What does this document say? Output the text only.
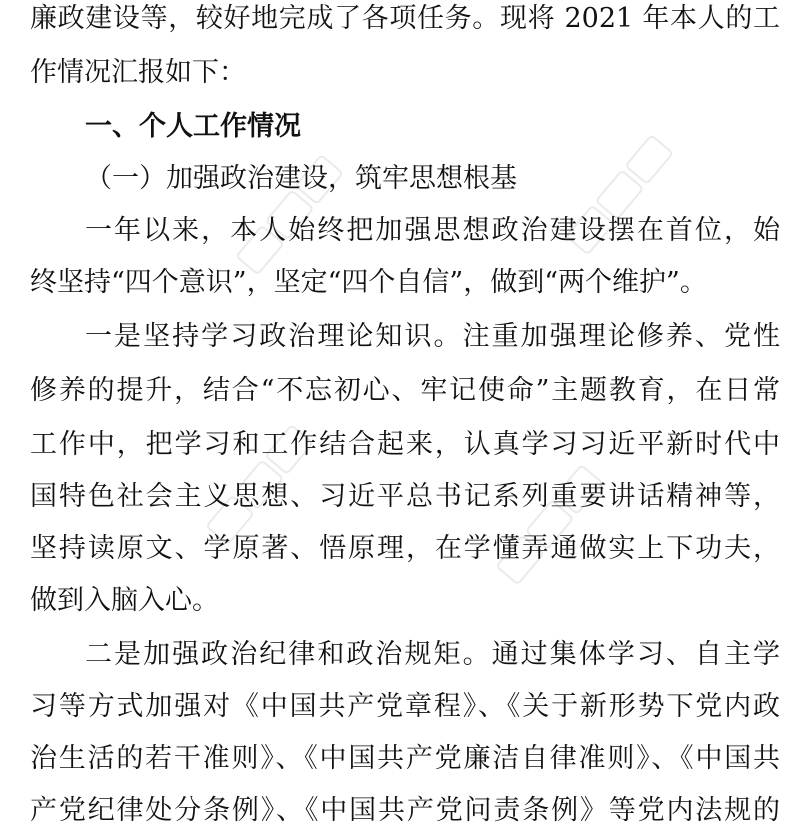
廉政建设等，较好地完成了各项任务。现将 2021 年本人的工
作情况汇报如下：
一、个人工作情况
（一）加强政治建设，筑牢思想根基
一年以来，本人始终把加强思想政治建设摆在首位，始
终坚持“四个意识”，坚定“四个自信”，做到“两个维护”。
一是坚持学习政治理论知识。注重加强理论修养、党性
修养的提升，结合“不忘初心、牢记使命”主题教育，在日常
工作中，把学习和工作结合起来，认真学习习近平新时代中
国特色社会主义思想、习近平总书记系列重要讲话精神等，
坚持读原文、学原著、悟原理，在学懂弄通做实上下功夫，
做到入脑入心。
二是加强政治纪律和政治规矩。通过集体学习、自主学
习等方式加强对《中国共产党章程》、《关于新形势下党内政
治生活的若干准则》、《中国共产党廉洁自律准则》、《中国共
产党纪律处分条例》、《中国共产党问责条例》等党内法规的
